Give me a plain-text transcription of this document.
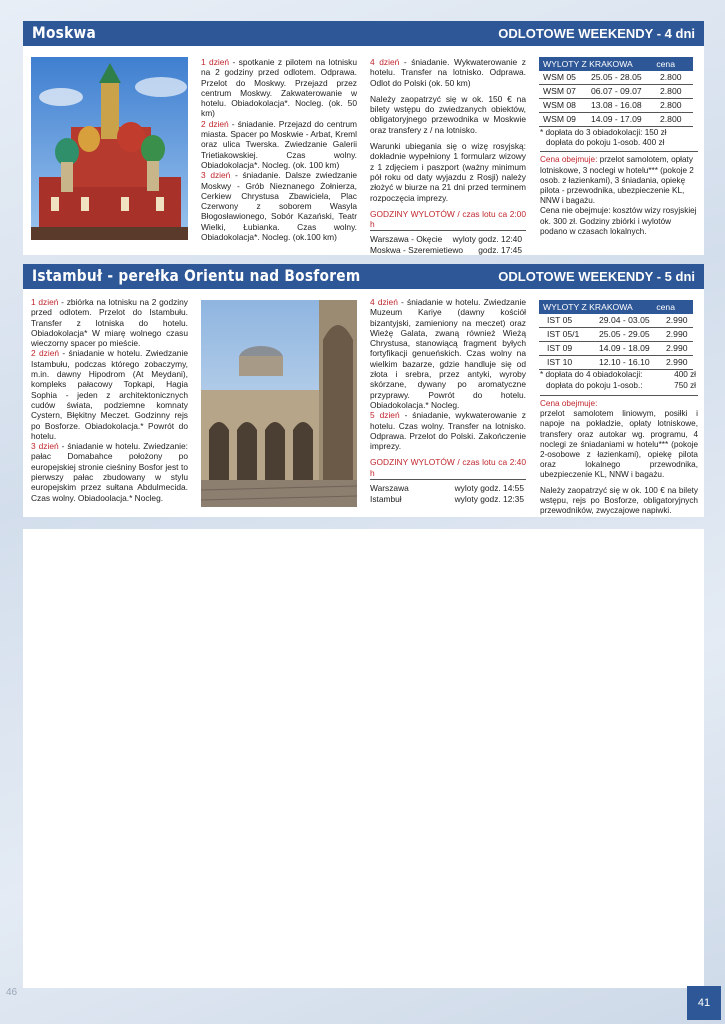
Moskwa	ODLOTOWE WEEKENDY - 4 dni
1 dzień - spotkanie z pilotem na lotnisku na 2 godziny przed odlotem. Odprawa. Przelot do Moskwy. Przejazd przez centrum Moskwy. Zakwaterowanie w hotelu. Obiadokolacja*. Nocleg. (ok. 50 km)
2 dzień - śniadanie. Przejazd do centrum miasta. Spacer po Moskwie - Arbat, Kreml oraz ulica Twerska. Zwiedzanie Galerii Trietiakowskiej. Czas wolny. Obiadokolacja*. Nocleg. (ok. 100 km)
3 dzień - śniadanie. Dalsze zwiedzanie Moskwy - Grób Nieznanego Żołnierza, Cerkiew Chrystusa Zbawiciela, Plac Czerwony z soborem Wasyla Błogosławionego, Sobór Kazański, Teatr Wielki, Łubianka. Czas wolny. Obiadokolacja*. Nocleg. (ok.100 km)

4 dzień - śniadanie. Wykwaterowanie z hotelu. Transfer na lotnisko. Odprawa. Odlot do Polski (ok. 50 km)

Należy zaopatrzyć się w ok. 150 € na bilety wstępu do zwiedzanych obiektów, obligatoryjnego przewodnika w Moskwie oraz transfery z / na lotnisko.

Warunki ubiegania się o wizę rosyjską: dokładnie wypełniony 1 formularz wizowy z 1 zdjęciem i paszport (ważny minimum pół roku od daty wyjazdu z Rosji) należy złożyć w biurze na 21 dni przed terminem rozpoczęcia imprezy.

GODZINY WYLOTÓW / czas lotu ca 2:00 h
Warszawa - Okęcie wyloty godz. 12:40
Moskwa - Szeremietiewo godz. 17:45
WYLOTY Z KRAKOWA	cena
WSM 05 25.05 - 28.05 2.800
WSM 07 06.07 - 09.07 2.800
WSM 08 13.08 - 16.08 2.800
WSM 09 14.09 - 17.09 2.800
* dopłata do 3 obiadokolacji: 150 zł
dopłata do pokoju 1-osob. 400 zł
Cena obejmuje: przelot samolotem, opłaty lotniskowe, 3 noclegi w hotelu*** (pokoje 2 osob. z łazienkami), 3 śniadania, opiekę pilota - przewodnika, ubezpieczenie KL, NNW i bagażu.
Cena nie obejmuje: kosztów wizy rosyjskiej ok. 300 zł. Godziny zbiórki i wylotów podano w czasach lokalnych.
Istambuł - perełka Orientu nad Bosforem	ODLOTOWE WEEKENDY - 5 dni
1 dzień - zbiórka na lotnisku na 2 godziny przed odlotem. Przelot do Istambułu. Transfer z lotniska do hotelu. Obiadokolacja* W miarę wolnego czasu wieczorny spacer po mieście.
2 dzień - śniadanie w hotelu. Zwiedzanie Istambułu, podczas którego zobaczymy, m.in. dawny Hipodrom (At Meydani), kompleks pałacowy Topkapi, Hagia Sophia - jeden z architektonicznych cudów świata, podziemne komnaty Cystern, Błękitny Meczet. Godzinny rejs po Bosforze. Obiadokolacja.* Powrót do hotelu.
3 dzień - śniadanie w hotelu. Zwiedzanie: pałac Domabahce położony po europejskiej stronie cieśniny Bosfor jest to pierwszy pałac zbudowany w stylu europejskim przez sułtana Abdulmecida. Czas wolny. Obiadoolacja.* Nocleg.
4 dzień - śniadanie w hotelu. Zwiedzanie Muzeum Kariye (dawny kościół bizantyjski, zamieniony na meczet) oraz Wieżę Galata, zwaną również Wieżą Chrystusa, stanowiącą fragment byłych fortyfikacji genueńskich. Czas wolny na wielkim bazarze, gdzie handluje się od złota i srebra, przez antyki, wyroby skórzane, dywany po aromatyczne przyprawy. Powrót do hotelu. Obiadokolacja.* Nocleg.
5 dzień - śniadanie, wykwaterowanie z hotelu. Czas wolny. Transfer na lotnisko. Odprawa. Przelot do Polski. Zakończenie imprezy.
GODZINY WYLOTÓW / czas lotu ca 2:40 h
Warszawa	wyloty godz. 14:55
Istambuł	wyloty godz. 12:35
WYLOTY Z KRAKOWA	cena
IST 05	29.04 - 03.05 2.990
IST 05/1 25.05 - 29.05 2.990
IST 09	14.09 - 18.09 2.990
IST 10	12.10 - 16.10 2.990
* dopłata do 4 obiadokolacji:	400 zł
dopłata do pokoju 1-osob.:	750 zł
Cena obejmuje:
przelot samolotem liniowym, posiłki i napoje na pokładzie, opłaty lotniskowe, transfery oraz autokar wg. programu, 4 noclegi ze śniadaniami w hotelu*** (pokoje 2-osobowe z łazienkami), opiekę pilota oraz lokalnego przewodnika, ubezpieczenie KL, NNW i bagażu.
Należy zaopatrzyć się w ok. 100 € na bilety wstępu, rejs po Bosforze, obligatoryjnych przewodników, zwyczajowe napiwki.
46
41
